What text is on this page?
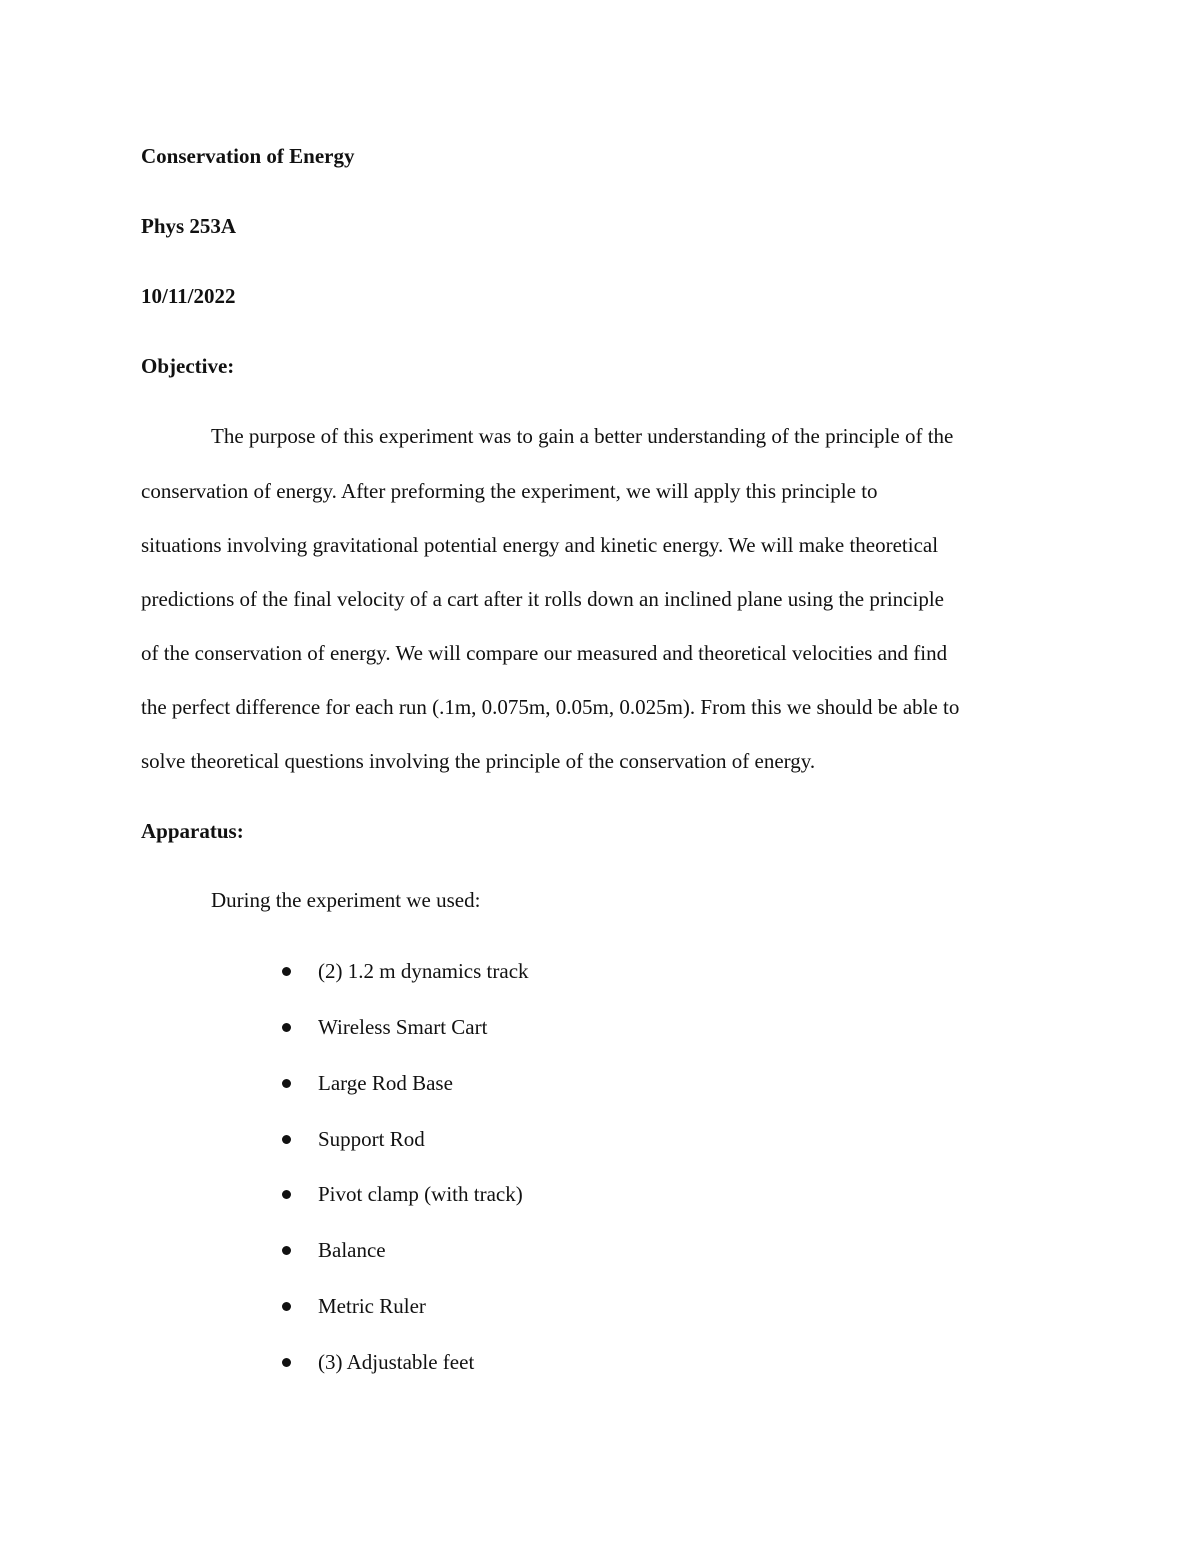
Conservation of Energy
Phys 253A
10/11/2022
Objective:
The purpose of this experiment was to gain a better understanding of the principle of the
conservation of energy. After preforming the experiment, we will apply this principle to
situations involving gravitational potential energy and kinetic energy. We will make theoretical
predictions of the final velocity of a cart after it rolls down an inclined plane using the principle
of the conservation of energy. We will compare our measured and theoretical velocities and find
the perfect difference for each run (.1m, 0.075m, 0.05m, 0.025m). From this we should be able to
solve theoretical questions involving the principle of the conservation of energy.
Apparatus:
During the experiment we used:
(2) 1.2 m dynamics track
Wireless Smart Cart
Large Rod Base
Support Rod
Pivot clamp (with track)
Balance
Metric Ruler
(3) Adjustable feet
